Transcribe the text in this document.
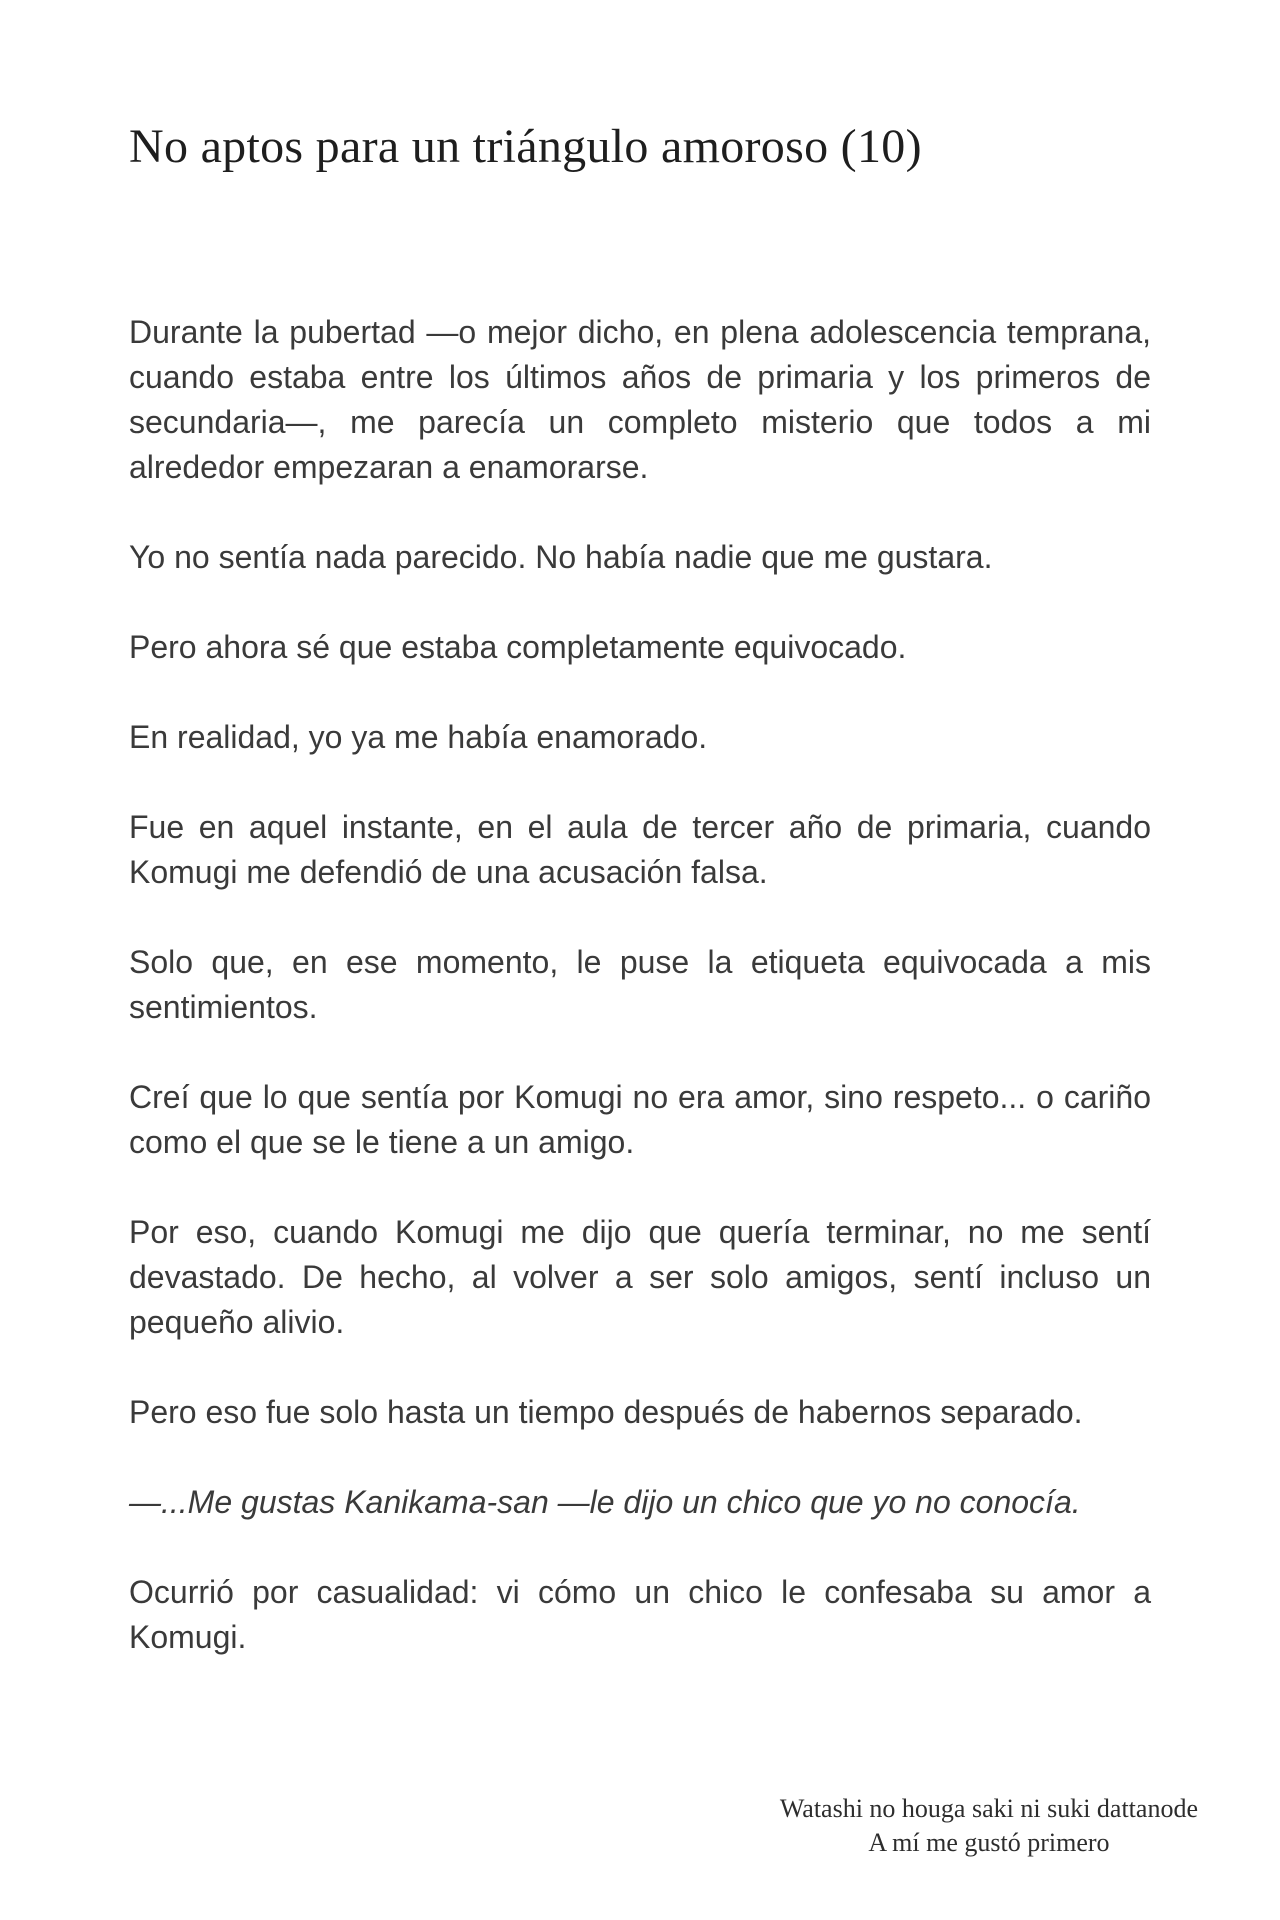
No aptos para un triángulo amoroso (10)

Durante la pubertad —o mejor dicho, en plena adolescencia temprana, cuando estaba entre los últimos años de primaria y los primeros de secundaria—, me parecía un completo misterio que todos a mi alrededor empezaran a enamorarse.

Yo no sentía nada parecido. No había nadie que me gustara.

Pero ahora sé que estaba completamente equivocado.

En realidad, yo ya me había enamorado.

Fue en aquel instante, en el aula de tercer año de primaria, cuando Komugi me defendió de una acusación falsa.

Solo que, en ese momento, le puse la etiqueta equivocada a mis sentimientos.

Creí que lo que sentía por Komugi no era amor, sino respeto... o cariño como el que se le tiene a un amigo.

Por eso, cuando Komugi me dijo que quería terminar, no me sentí devastado. De hecho, al volver a ser solo amigos, sentí incluso un pequeño alivio.

Pero eso fue solo hasta un tiempo después de habernos separado.

—...Me gustas Kanikama-san —le dijo un chico que yo no conocía.

Ocurrió por casualidad: vi cómo un chico le confesaba su amor a Komugi.

Watashi no houga saki ni suki dattanode
A mí me gustó primero
